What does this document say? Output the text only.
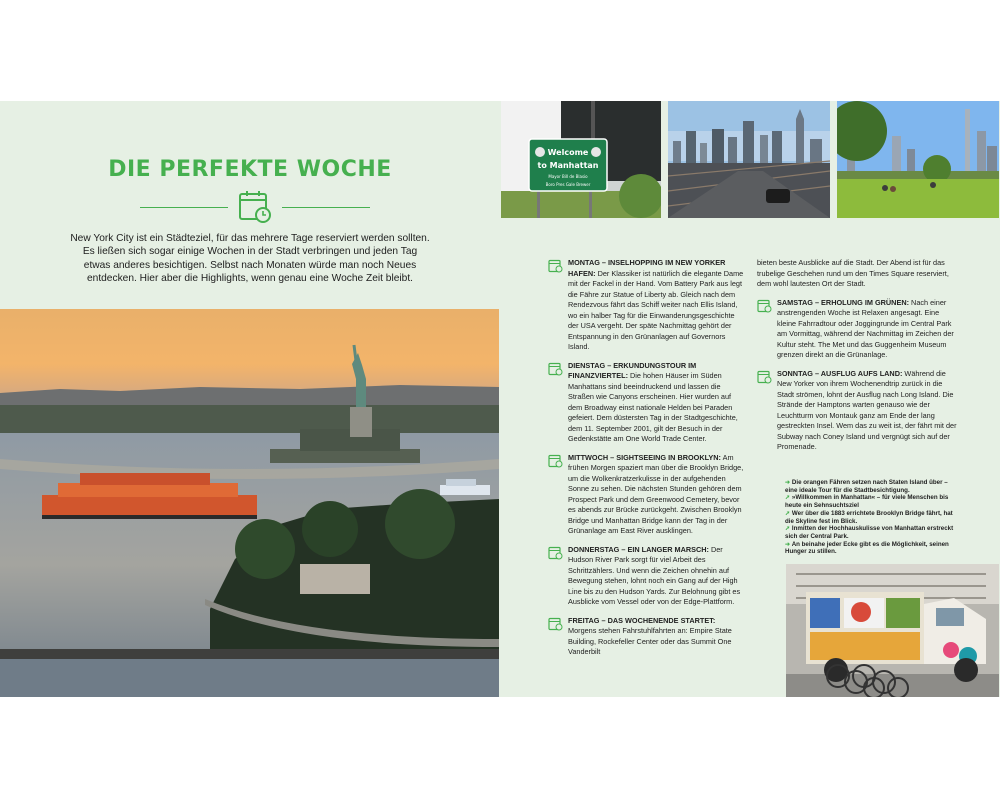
DIE PERFEKTE WOCHE

New York City ist ein Städteziel, für das mehrere Tage reserviert werden sollten. Es ließen sich sogar einige Wochen in der Stadt verbringen und jeden Tag etwas anderes besichtigen. Selbst nach Monaten würde man noch Neues entdecken. Hier aber die Highlights, wenn genau eine Woche Zeit bleibt.

Welcome
to Manhattan
Mayor Bill de Blasio
Boro Pres Gale Brewer
MONTAG – INSELHOPPING IM NEW YORKER HAFEN: Der Klassiker ist natürlich die elegante Dame mit der Fackel in der Hand. Vom Battery Park aus legt die Fähre zur Statue of Liberty ab. Gleich nach dem Rendezvous fährt das Schiff weiter nach Ellis Island, wo ein halber Tag für die Einwanderungsgeschichte der USA vergeht. Der späte Nachmittag gehört der Entspannung in den Grünanlagen auf Governors Island.
DIENSTAG – ERKUNDUNGSTOUR IM FINANZVIERTEL: Die hohen Häuser im Süden Manhattans sind beeindruckend und lassen die Straßen wie Canyons erscheinen. Hier wurden auf dem Broadway einst nationale Helden bei Paraden gefeiert. Dem düstersten Tag in der Stadtgeschichte, dem 11. September 2001, gilt der Besuch in der Gedenkstätte am One World Trade Center.
MITTWOCH – SIGHTSEEING IN BROOKLYN: Am frühen Morgen spaziert man über die Brooklyn Bridge, um die Wolkenkratzerkulisse in der aufgehenden Sonne zu sehen. Die nächsten Stunden gehören dem Prospect Park und dem Greenwood Cemetery, bevor es abends zur Brücke zurückgeht. Zwischen Brooklyn Bridge und Manhattan Bridge kann der Tag in der Grünanlage am East River ausklingen.
DONNERSTAG – EIN LANGER MARSCH: Der Hudson River Park sorgt für viel Arbeit des Schrittzählers. Und wenn die Zeichen ohnehin auf Bewegung stehen, lohnt noch ein Gang auf der High Line bis zu den Hudson Yards. Zur Belohnung gibt es Ausblicke vom Vessel oder von der Edge-Plattform.
FREITAG – DAS WOCHENENDE STARTET: Morgens stehen Fahrstuhlfahrten an: Empire State Building, Rockefeller Center oder das Summit One Vanderbilt
bieten beste Ausblicke auf die Stadt. Der Abend ist für das trubelige Geschehen rund um den Times Square reserviert, dem wohl lautesten Ort der Stadt.
SAMSTAG – ERHOLUNG IM GRÜNEN: Nach einer anstrengenden Woche ist Relaxen angesagt. Eine kleine Fahrradtour oder Joggingrunde im Central Park am Vormittag, während der Nachmittag im Zeichen der Kultur steht. The Met und das Guggenheim Museum grenzen direkt an die Grünanlage.
SONNTAG – AUSFLUG AUFS LAND: Während die New Yorker von ihrem Wochenendtrip zurück in die Stadt strömen, lohnt der Ausflug nach Long Island. Die Strände der Hamptons warten genauso wie der Leuchtturm von Montauk ganz am Ende der lang gestreckten Insel. Wem das zu weit ist, der fährt mit der Subway nach Coney Island und vergnügt sich auf der Promenade.
➜ Die orangen Fähren setzen nach Staten Island über – eine ideale Tour für die Stadtbesichtigung.
➚ »Willkommen in Manhattan« – für viele Menschen bis heute ein Sehnsuchtsziel
➚ Wer über die 1883 errichtete Brooklyn Bridge fährt, hat die Skyline fest im Blick.
➚ Inmitten der Hochhauskulisse von Manhattan erstreckt sich der Central Park.
➜ An beinahe jeder Ecke gibt es die Möglichkeit, seinen Hunger zu stillen.
